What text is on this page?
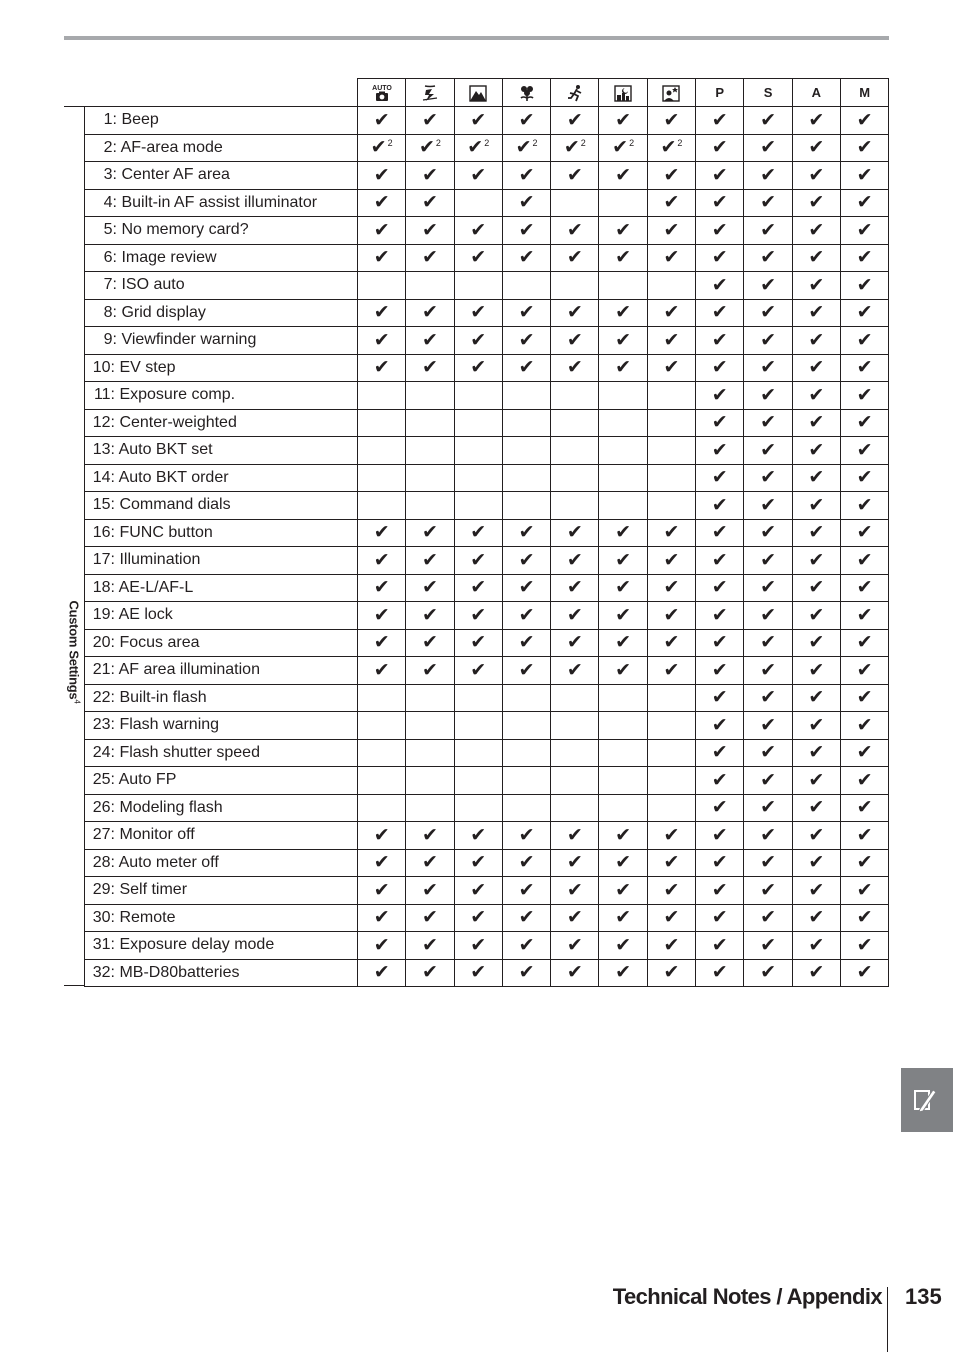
Custom Settings$^4$

AUTO							P	S	A	M
1: Beep	✔	✔	✔	✔	✔	✔	✔	✔	✔	✔	✔
2: AF-area mode	✔$^2$	✔$^2$	✔$^2$	✔$^2$	✔$^2$	✔$^2$	✔$^2$	✔	✔	✔	✔
3: Center AF area	✔	✔	✔	✔	✔	✔	✔	✔	✔	✔	✔
4: Built-in AF assist illuminator	✔	✔		✔			✔	✔	✔	✔	✔
5: No memory card?	✔	✔	✔	✔	✔	✔	✔	✔	✔	✔	✔
6: Image review	✔	✔	✔	✔	✔	✔	✔	✔	✔	✔	✔
7: ISO auto								✔	✔	✔	✔
8: Grid display	✔	✔	✔	✔	✔	✔	✔	✔	✔	✔	✔
9: Viewfinder warning	✔	✔	✔	✔	✔	✔	✔	✔	✔	✔	✔
10: EV step	✔	✔	✔	✔	✔	✔	✔	✔	✔	✔	✔
11: Exposure comp.								✔	✔	✔	✔
12: Center-weighted								✔	✔	✔	✔
13: Auto BKT set								✔	✔	✔	✔
14: Auto BKT order								✔	✔	✔	✔
15: Command dials								✔	✔	✔	✔
16: FUNC button	✔	✔	✔	✔	✔	✔	✔	✔	✔	✔	✔
17: Illumination	✔	✔	✔	✔	✔	✔	✔	✔	✔	✔	✔
18: AE-L/AF-L	✔	✔	✔	✔	✔	✔	✔	✔	✔	✔	✔
19: AE lock	✔	✔	✔	✔	✔	✔	✔	✔	✔	✔	✔
20: Focus area	✔	✔	✔	✔	✔	✔	✔	✔	✔	✔	✔
21: AF area illumination	✔	✔	✔	✔	✔	✔	✔	✔	✔	✔	✔
22: Built-in flash								✔	✔	✔	✔
23: Flash warning								✔	✔	✔	✔
24: Flash shutter speed								✔	✔	✔	✔
25: Auto FP								✔	✔	✔	✔
26: Modeling flash								✔	✔	✔	✔
27: Monitor off	✔	✔	✔	✔	✔	✔	✔	✔	✔	✔	✔
28: Auto meter off	✔	✔	✔	✔	✔	✔	✔	✔	✔	✔	✔
29: Self timer	✔	✔	✔	✔	✔	✔	✔	✔	✔	✔	✔
30: Remote	✔	✔	✔	✔	✔	✔	✔	✔	✔	✔	✔
31: Exposure delay mode	✔	✔	✔	✔	✔	✔	✔	✔	✔	✔	✔
32: MB-D80batteries	✔	✔	✔	✔	✔	✔	✔	✔	✔	✔	✔
Technical Notes / Appendix 135
